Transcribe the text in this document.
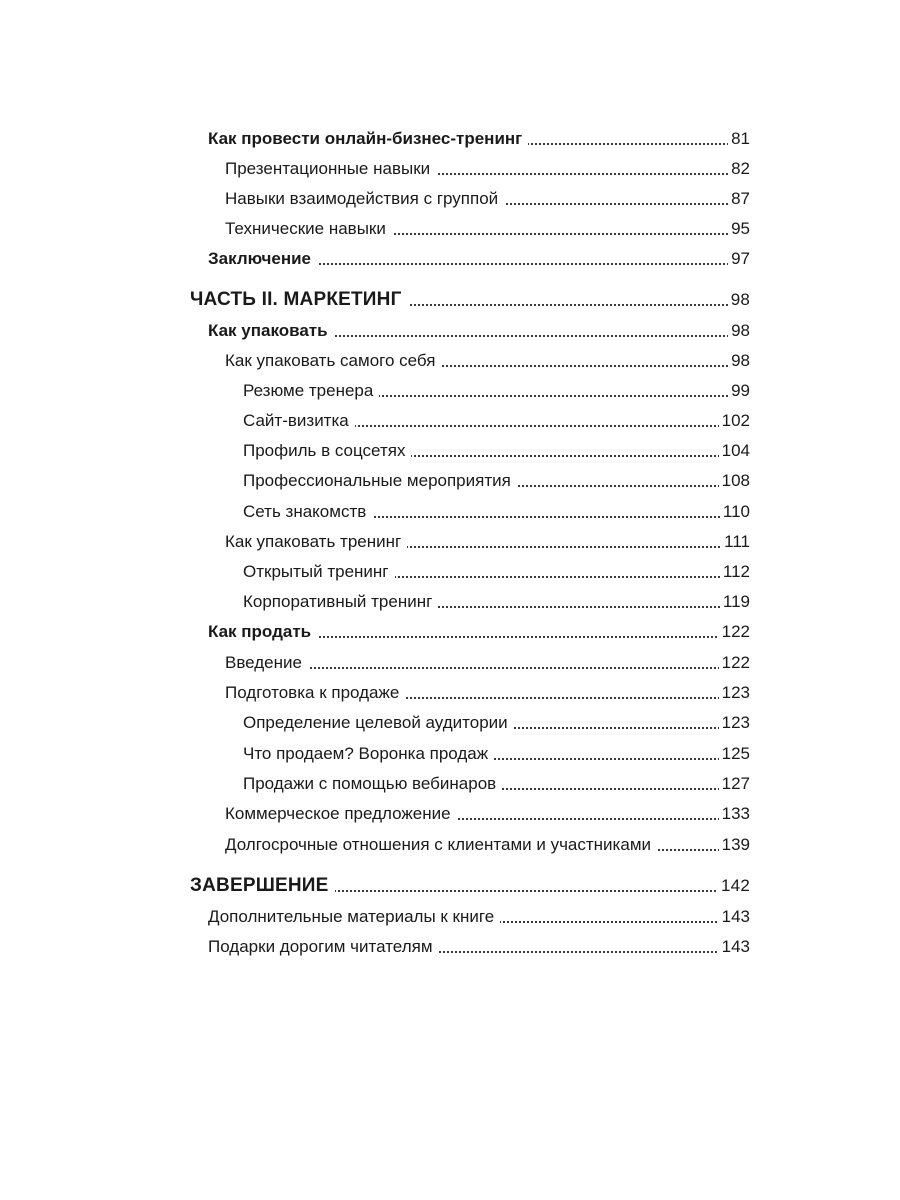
Как провести онлайн-бизнес-тренинг	81
Презентационные навыки	82
Навыки взаимодействия с группой	87
Технические навыки	95
Заключение	97
ЧАСТЬ II. МАРКЕТИНГ	98
Как упаковать	98
Как упаковать самого себя	98
Резюме тренера	99
Сайт-визитка	102
Профиль в соцсетях	104
Профессиональные мероприятия	108
Сеть знакомств	110
Как упаковать тренинг	111
Открытый тренинг	112
Корпоративный тренинг	119
Как продать	122
Введение	122
Подготовка к продаже	123
Определение целевой аудитории	123
Что продаем? Воронка продаж	125
Продажи с помощью вебинаров	127
Коммерческое предложение	133
Долгосрочные отношения с клиентами и участниками	139
ЗАВЕРШЕНИЕ	142
Дополнительные материалы к книге	143
Подарки дорогим читателям	143
